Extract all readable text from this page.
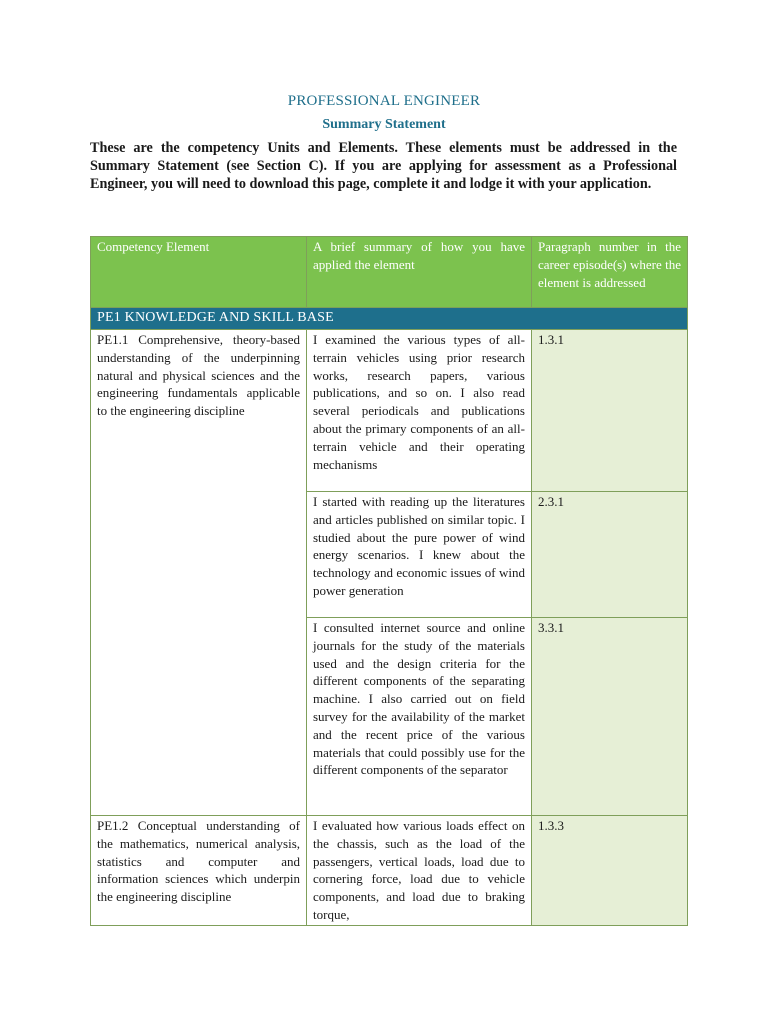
PROFESSIONAL ENGINEER
Summary Statement

These are the competency Units and Elements. These elements must be addressed in the Summary Statement (see Section C). If you are applying for assessment as a Professional Engineer, you will need to download this page, complete it and lodge it with your application.

Competency Element	A brief summary of how you have applied the element	Paragraph number in the career episode(s) where the element is addressed
PE1 KNOWLEDGE AND SKILL BASE		
PE1.1 Comprehensive, theory-based understanding of the underpinning natural and physical sciences and the engineering fundamentals applicable to the engineering discipline	I examined the various types of all-terrain vehicles using prior research works, research papers, various publications, and so on. I also read several periodicals and publications about the primary components of an all-terrain vehicle and their operating mechanisms	1.3.1
	I started with reading up the literatures and articles published on similar topic. I studied about the pure power of wind energy scenarios. I knew about the technology and economic issues of wind power generation	2.3.1
	I consulted internet source and online journals for the study of the materials used and the design criteria for the different components of the separating machine. I also carried out on field survey for the availability of the market and the recent price of the various materials that could possibly use for the different components of the separator	3.3.1
PE1.2 Conceptual understanding of the mathematics, numerical analysis, statistics and computer and information sciences which underpin the engineering discipline	I evaluated how various loads effect on the chassis, such as the load of the passengers, vertical loads, load due to cornering force, load due to vehicle components, and load due to braking torque,	1.3.3
